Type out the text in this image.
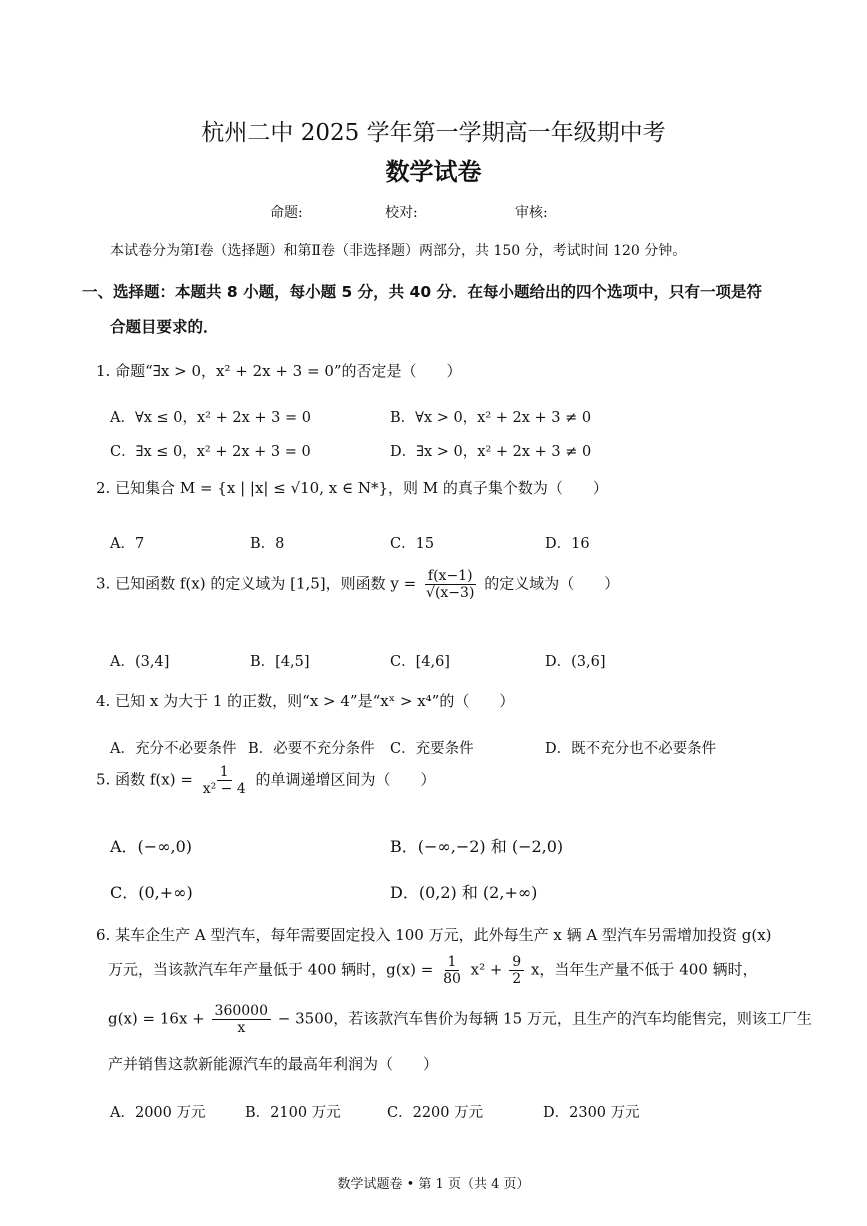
杭州二中 2025 学年第一学期高一年级期中考
数学试卷
命题:	校对:	审核:
本试卷分为第Ⅰ卷（选择题）和第Ⅱ卷（非选择题）两部分，共 150 分，考试时间 120 分钟。
一、选择题：本题共 8 小题，每小题 5 分，共 40 分．在每小题给出的四个选项中，只有一项是符
合题目要求的．
1. 命题“∃x > 0，x² + 2x + 3 = 0”的否定是（　　）
A．∀x ≤ 0，x² + 2x + 3 = 0	B．∀x > 0，x² + 2x + 3 ≠ 0
C．∃x ≤ 0，x² + 2x + 3 = 0	D．∃x > 0，x² + 2x + 3 ≠ 0
2. 已知集合 M = {x | |x| ≤ √10, x ∈ N*}，则 M 的真子集个数为（　　）
A．7	B．8	C．15	D．16
3. 已知函数 f(x) 的定义域为 [1,5]，则函数 $y = \frac{f(x-1)}{√(x-3)}$ 的定义域为（　　）
A．(3,4]	B．[4,5]	C．[4,6]	D．(3,6]
4. 已知 x 为大于 1 的正数，则“x > 4”是“xˣ > x⁴”的（　　）
A．充分不必要条件 B．必要不充分条件 C．充要条件	D．既不充分也不必要条件
5. 函数 $f(x) = \frac{1}{\text{x² − 4}}$ 的单调递增区间为（　　）
A．(−∞,0)	B．(−∞,−2) 和 (−2,0)
C．(0,+∞)	D．(0,2) 和 (2,+∞)
6. 某车企生产 A 型汽车，每年需要固定投入 100 万元，此外每生产 x 辆 A 型汽车另需增加投资 g(x)
万元，当该款汽车年产量低于 400 辆时，$g(x) = \frac{1}{80} x^2 + \frac{9}{2}$ x，当年生产量不低于 400 辆时，
$g(x) = 16x + \frac{360000}{x} - 3500$，若该款汽车售价为每辆 15 万元，且生产的汽车均能售完，则该工厂生
产并销售这款新能源汽车的最高年利润为（　　）
A．2000 万元	B．2100 万元	C．2200 万元	D．2300 万元
数学试题卷 • 第 1 页（共 4 页）
